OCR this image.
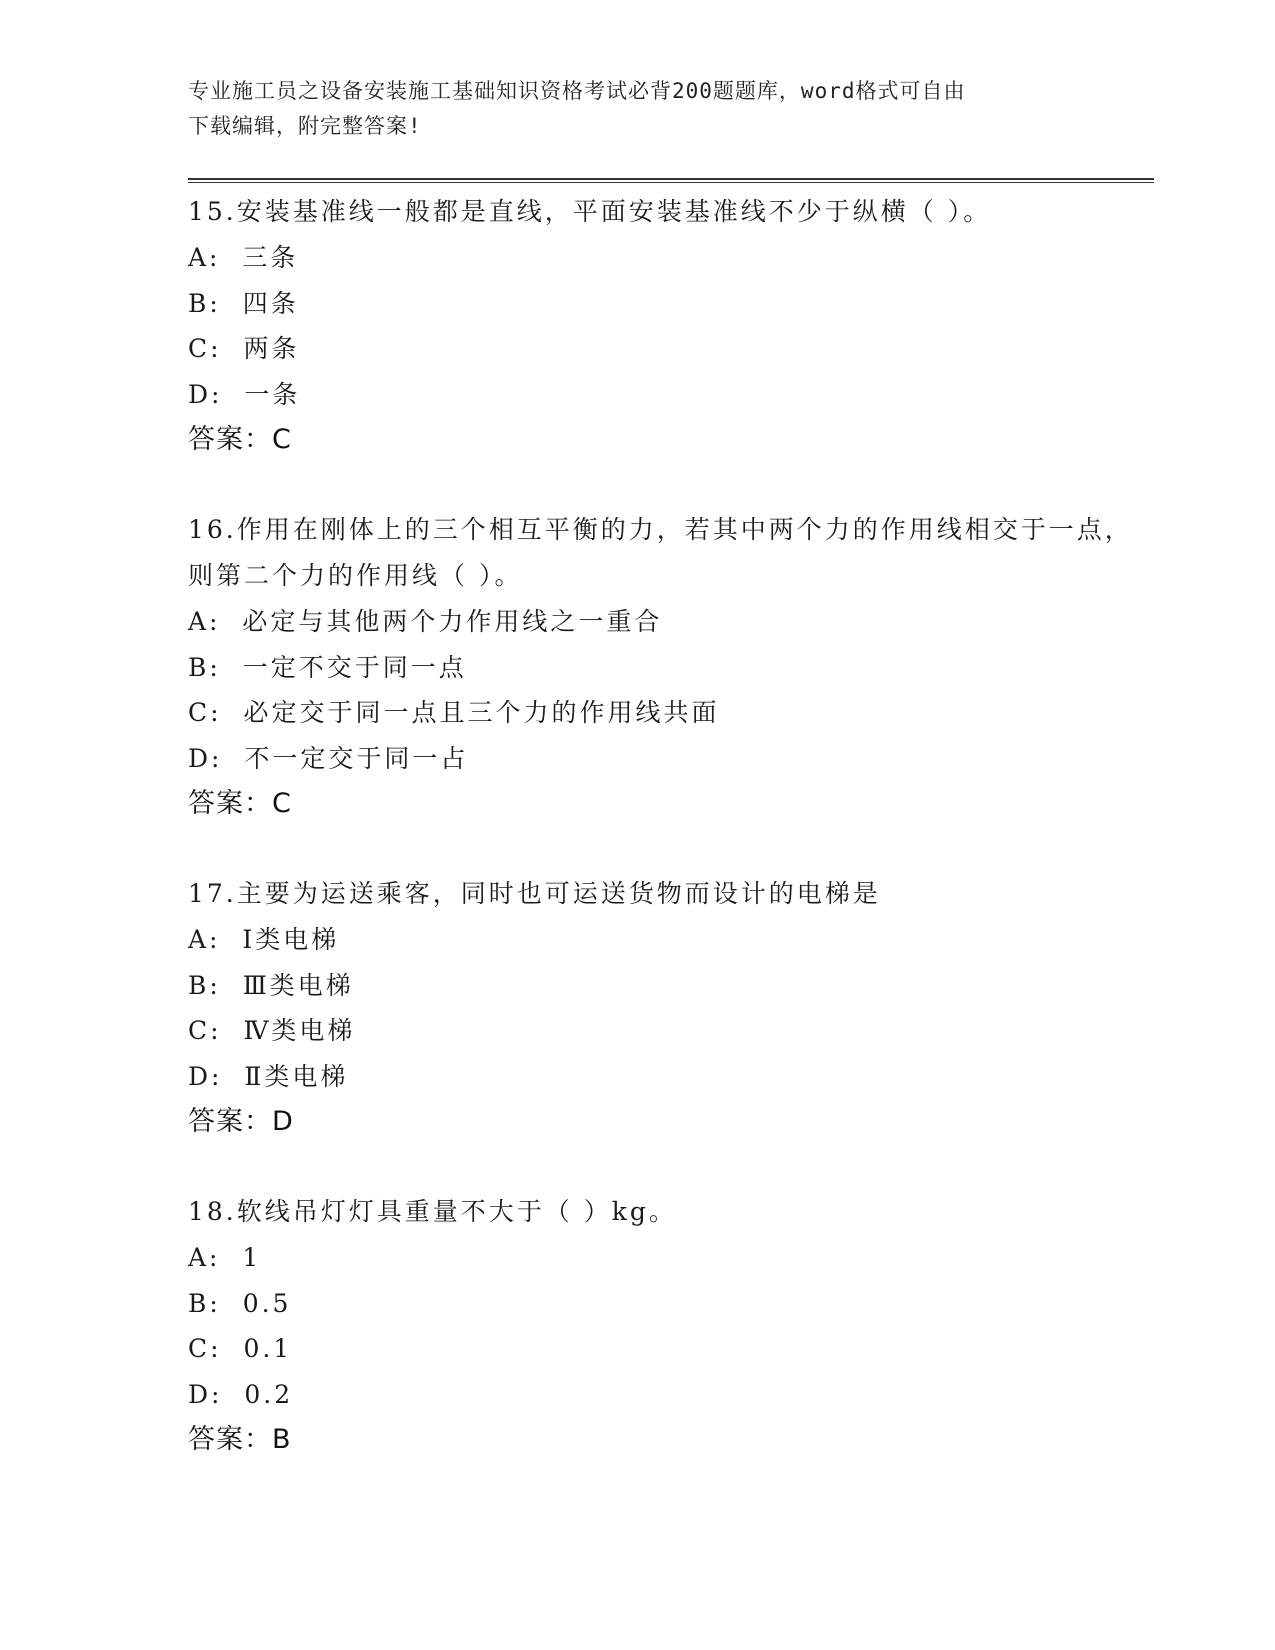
专业施工员之设备安装施工基础知识资格考试必背200题题库，word格式可自由
下载编辑，附完整答案!
15.安装基准线一般都是直线，平面安装基准线不少于纵横（ ）。
A:  三条
B:  四条
C:  两条
D:  一条
答案：C
16.作用在刚体上的三个相互平衡的力，若其中两个力的作用线相交于一点，则第二个力的作用线（ ）。
A:  必定与其他两个力作用线之一重合
B:  一定不交于同一点
C:  必定交于同一点且三个力的作用线共面
D:  不一定交于同一占
答案：C
17.主要为运送乘客，同时也可运送货物而设计的电梯是
A:  Ⅰ类电梯
B:  Ⅲ类电梯
C:  Ⅳ类电梯
D:  Ⅱ类电梯
答案：D
18.软线吊灯灯具重量不大于（ ）kg。
A:  1
B:  0.5
C:  0.1
D:  0.2
答案：B
